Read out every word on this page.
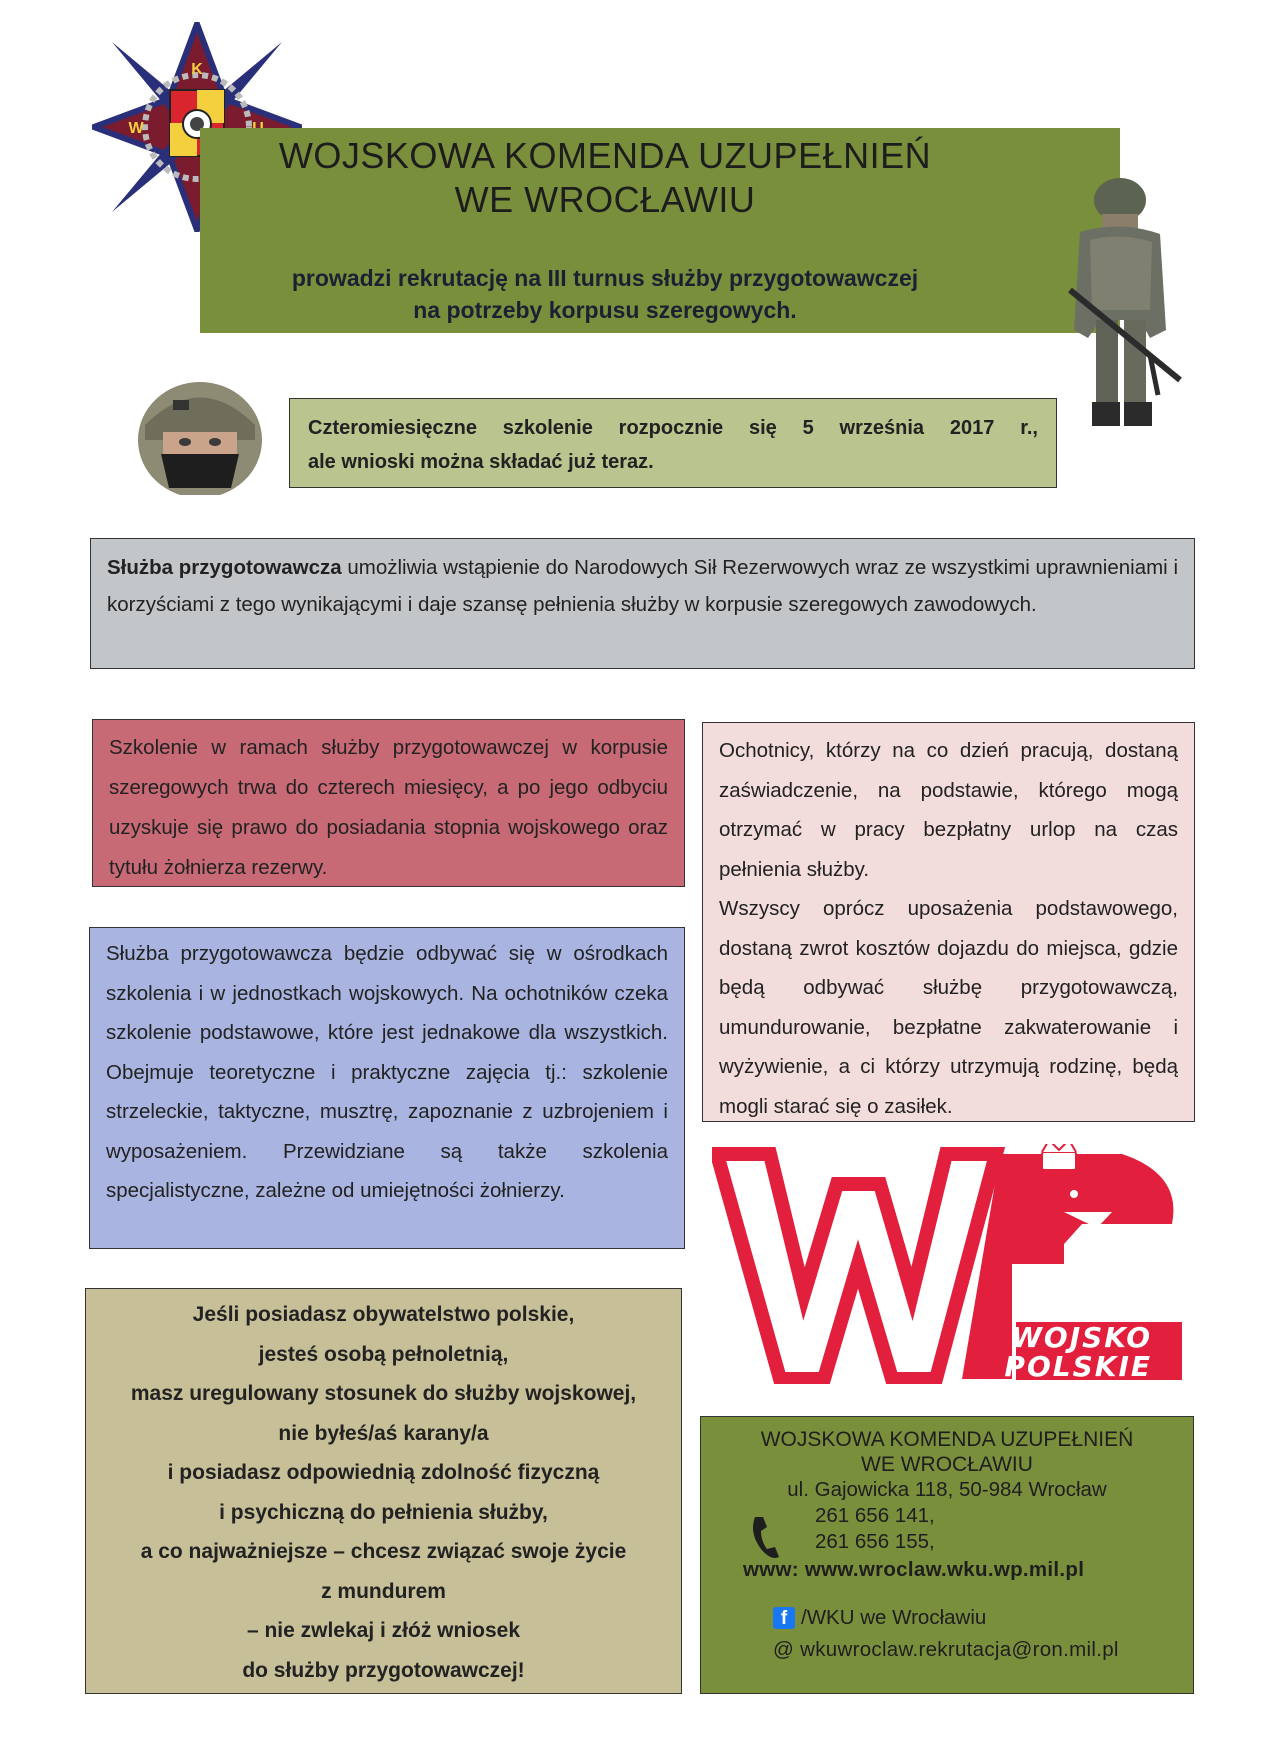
K
W
WOJSKOWA KOMENDA UZUPEŁNIEŃ
WE WROCŁAWIU
prowadzi rekrutację na III turnus służby przygotowawczej
na potrzeby korpusu szeregowych.
Czteromiesięczne szkolenie rozpocznie się 5 września 2017 r.,
ale wnioski można składać już teraz.
Służba przygotowawcza umożliwia wstąpienie do Narodowych Sił Rezerwowych wraz ze wszystkimi uprawnieniami i korzyściami z tego wynikającymi i daje szansę pełnienia służby w korpusie szeregowych zawodowych.
Szkolenie w ramach służby przygotowawczej w korpusie szeregowych trwa do czterech miesięcy, a po jego odbyciu uzyskuje się prawo do posiadania stopnia wojskowego oraz tytułu żołnierza rezerwy.
Ochotnicy, którzy na co dzień pracują, dostaną zaświadczenie, na podstawie, którego mogą otrzymać w pracy bezpłatny urlop na czas pełnienia służby.
Wszyscy oprócz uposażenia podstawowego, dostaną zwrot kosztów dojazdu do miejsca, gdzie będą odbywać służbę przygotowawczą, umundurowanie, bezpłatne zakwaterowanie i wyżywienie, a ci którzy utrzymują rodzinę, będą mogli starać się o zasiłek.
Służba przygotowawcza będzie odbywać się w ośrodkach szkolenia i w jednostkach wojskowych. Na ochotników czeka szkolenie podstawowe, które jest jednakowe dla wszystkich. Obejmuje teoretyczne i praktyczne zajęcia tj.: szkolenie strzeleckie, taktyczne, musztrę, zapoznanie z uzbrojeniem i wyposażeniem. Przewidziane są także szkolenia specjalistyczne, zależne od umiejętności żołnierzy.
Jeśli posiadasz obywatelstwo polskie,
jesteś osobą pełnoletnią,
masz uregulowany stosunek do służby wojskowej,
nie byłeś/aś karany/a
i posiadasz odpowiednią zdolność fizyczną
i psychiczną do pełnienia służby,
a co najważniejsze – chcesz związać swoje życie
z mundurem
– nie zwlekaj i złóż wniosek
do służby przygotowawczej!
WOJSKO
POLSKIE
WOJSKOWA KOMENDA UZUPEŁNIEŃ
WE WROCŁAWIU
ul. Gajowicka 118, 50-984 Wrocław
261 656 141,
261 656 155,
www: www.wroclaw.wku.wp.mil.pl
f /WKU we Wrocławiu
@ wkuwroclaw.rekrutacja@ron.mil.pl
